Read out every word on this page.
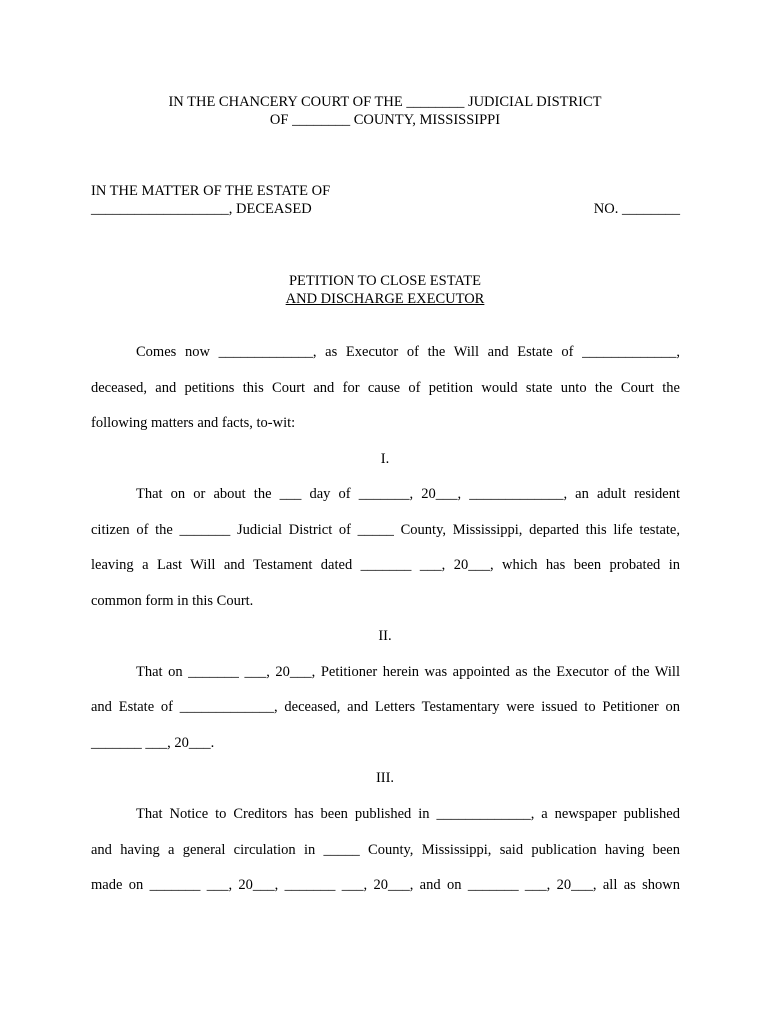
IN THE CHANCERY COURT OF THE ________ JUDICIAL DISTRICT
OF ________ COUNTY, MISSISSIPPI
IN THE MATTER OF THE ESTATE OF
___________________, DECEASED	NO. ________
PETITION TO CLOSE ESTATE
AND DISCHARGE EXECUTOR
Comes now _____________, as Executor of the Will and Estate of _____________,
deceased, and petitions this Court and for cause of petition would state unto the Court the
following matters and facts, to-wit:
I.
That on or about the ___ day of _______, 20___, _____________, an adult resident
citizen of the _______ Judicial District of _____ County, Mississippi, departed this life testate,
leaving a Last Will and Testament dated _______ ___, 20___, which has been probated in
common form in this Court.
II.
That on _______ ___, 20___, Petitioner herein was appointed as the Executor of the Will
and Estate of _____________, deceased, and Letters Testamentary were issued to Petitioner on
_______ ___, 20___.
III.
That Notice to Creditors has been published in _____________, a newspaper published
and having a general circulation in _____ County, Mississippi, said publication having been
made on _______ ___, 20___, _______ ___, 20___, and on _______ ___, 20___, all as shown
